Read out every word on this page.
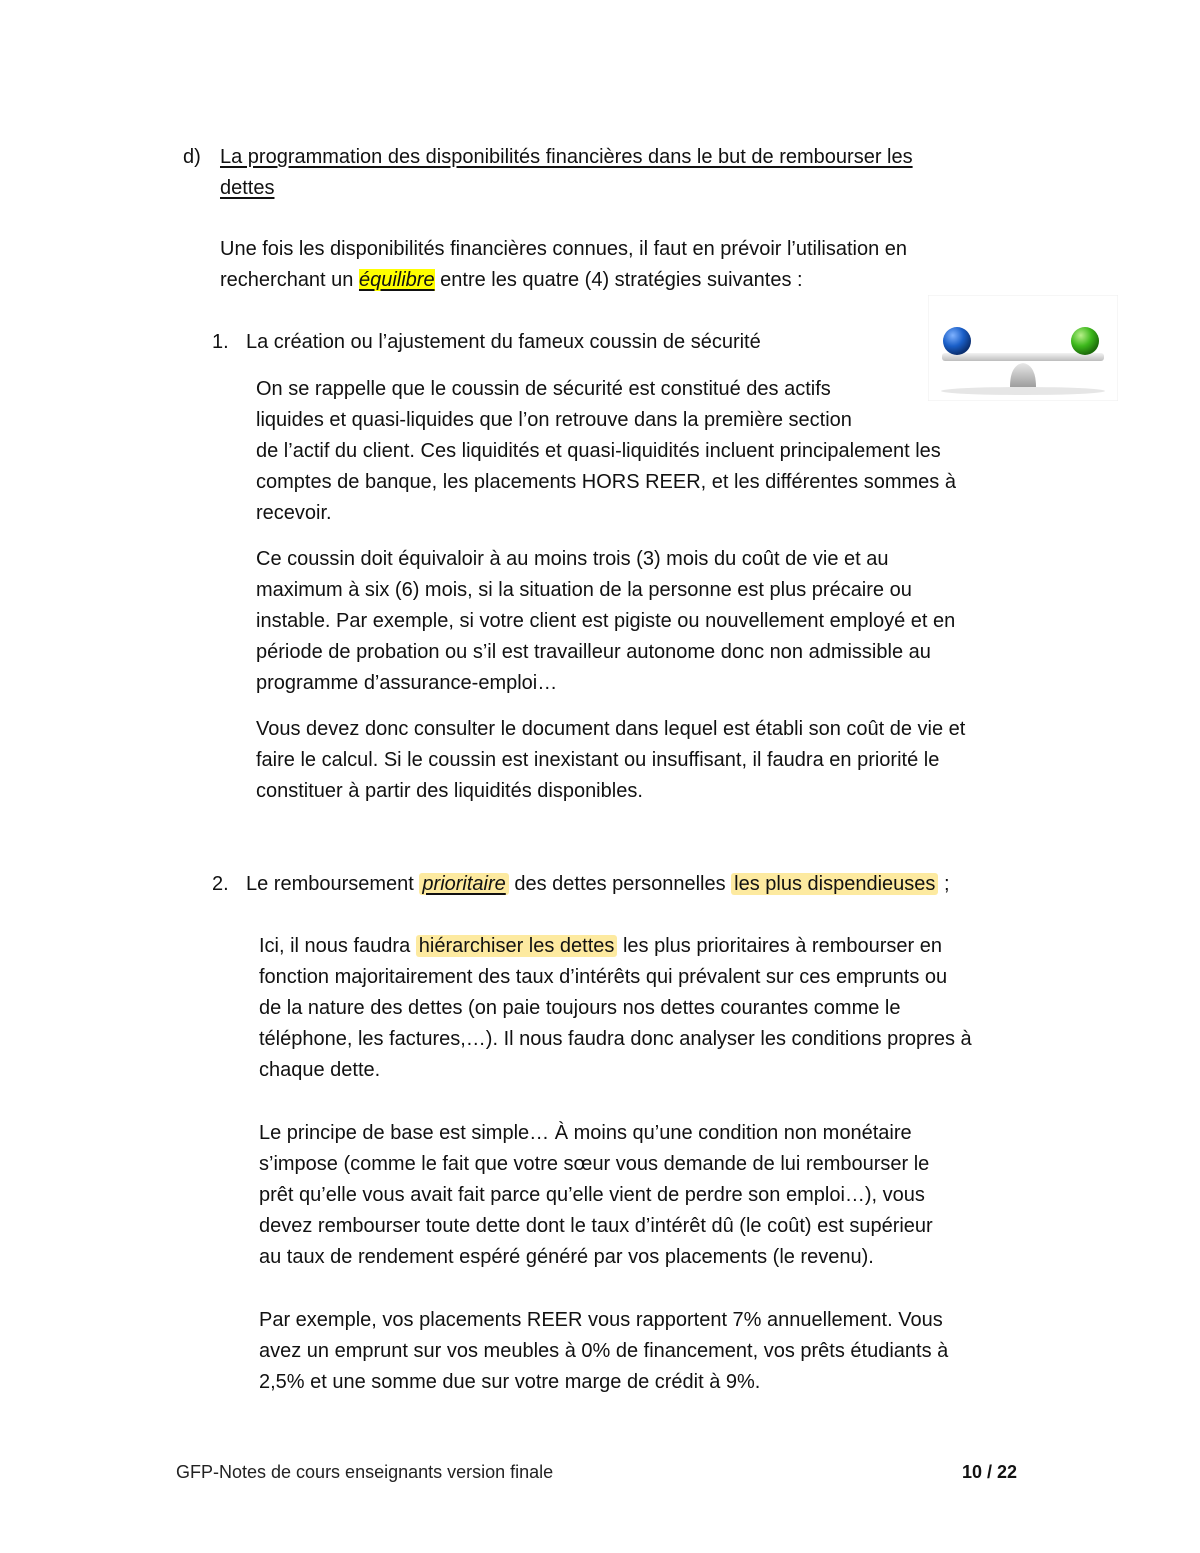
d) La programmation des disponibilités financières dans le but de rembourser les
dettes
Une fois les disponibilités financières connues, il faut en prévoir l’utilisation en
recherchant un équilibre entre les quatre (4) stratégies suivantes :
1. La création ou l’ajustement du fameux coussin de sécurité
On se rappelle que le coussin de sécurité est constitué des actifs
liquides et quasi-liquides que l’on retrouve dans la première section
de l’actif du client. Ces liquidités et quasi-liquidités incluent principalement les
comptes de banque, les placements HORS REER, et les différentes sommes à
recevoir.
Ce coussin doit équivaloir à au moins trois (3) mois du coût de vie et au
maximum à six (6) mois, si la situation de la personne est plus précaire ou
instable. Par exemple, si votre client est pigiste ou nouvellement employé et en
période de probation ou s’il est travailleur autonome donc non admissible au
programme d’assurance-emploi…
Vous devez donc consulter le document dans lequel est établi son coût de vie et
faire le calcul. Si le coussin est inexistant ou insuffisant, il faudra en priorité le
constituer à partir des liquidités disponibles.
2. Le remboursement prioritaire des dettes personnelles les plus dispendieuses ;
Ici, il nous faudra hiérarchiser les dettes les plus prioritaires à rembourser en
fonction majoritairement des taux d’intérêts qui prévalent sur ces emprunts ou
de la nature des dettes (on paie toujours nos dettes courantes comme le
téléphone, les factures,…). Il nous faudra donc analyser les conditions propres à
chaque dette.
Le principe de base est simple… À moins qu’une condition non monétaire
s’impose (comme le fait que votre sœur vous demande de lui rembourser le
prêt qu’elle vous avait fait parce qu’elle vient de perdre son emploi…), vous
devez rembourser toute dette dont le taux d’intérêt dû (le coût) est supérieur
au taux de rendement espéré généré par vos placements (le revenu).
Par exemple, vos placements REER vous rapportent 7% annuellement. Vous
avez un emprunt sur vos meubles à 0% de financement, vos prêts étudiants à
2,5% et une somme due sur votre marge de crédit à 9%.
GFP-Notes de cours enseignants version finale	10 / 22
